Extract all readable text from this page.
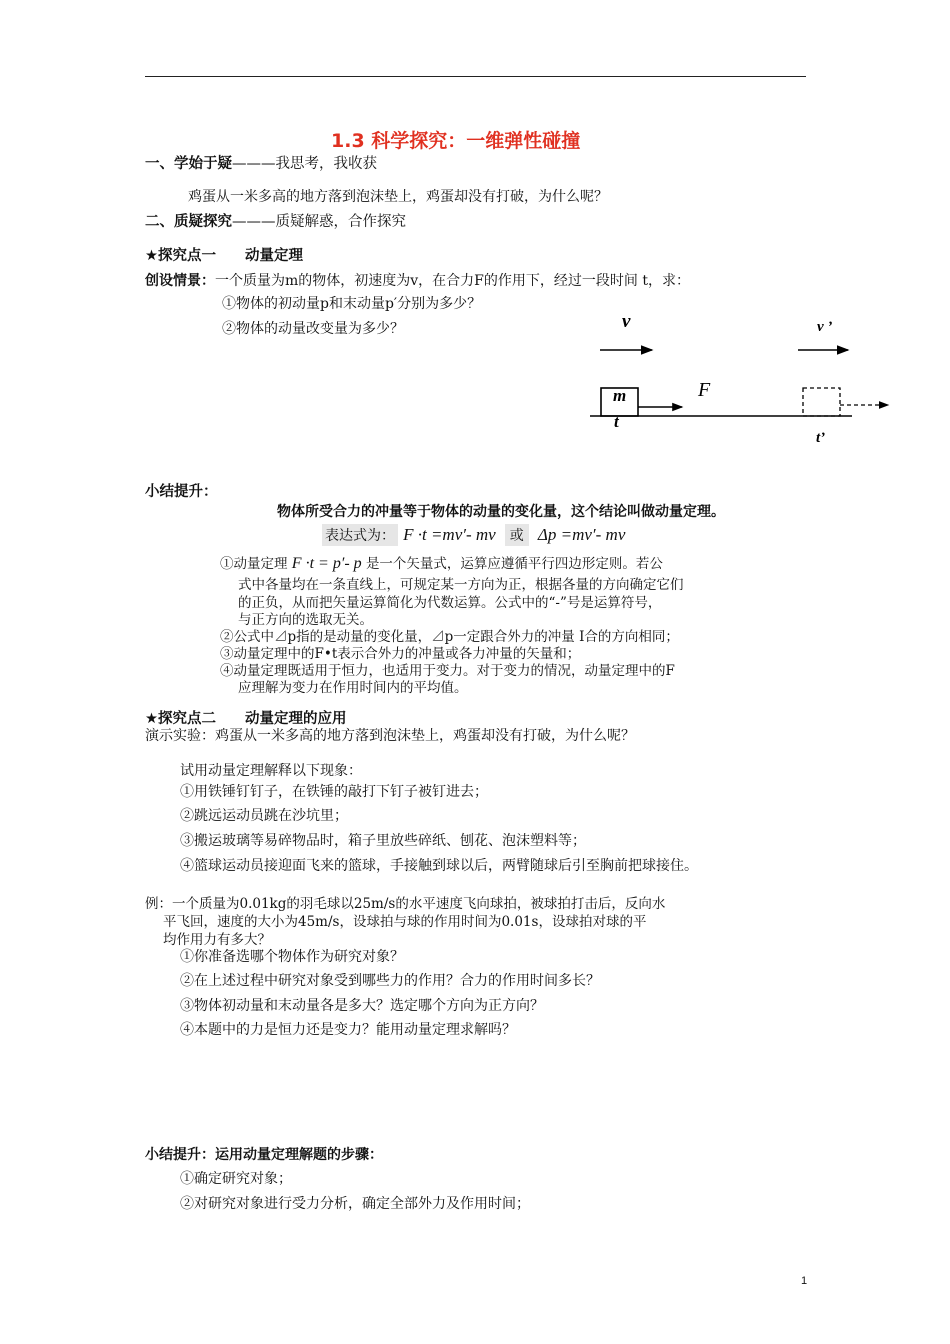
1.3 科学探究：一维弹性碰撞
一、学始于疑———我思考，我收获
鸡蛋从一米多高的地方落到泡沫垫上，鸡蛋却没有打破，为什么呢？
二、质疑探究———质疑解惑，合作探究
★探究点一　　动量定理
创设情景：一个质量为m的物体，初速度为v，在合力F的作用下，经过一段时间 t，求：
①物体的初动量p和末动量p′分别为多少？
②物体的动量改变量为多少？	v	v ’
m
t
F
t’
小结提升：
物体所受合力的冲量等于物体的动量的变化量，这个结论叫做动量定理。
表达式为： F ·t =mv′- mv 或 Δp =mv′- mv
①动量定理 F ·t = p′- p 是一个矢量式，运算应遵循平行四边形定则。若公
式中各量均在一条直线上，可规定某一方向为正，根据各量的方向确定它们
的正负，从而把矢量运算简化为代数运算。公式中的“-”号是运算符号，
与正方向的选取无关。
②公式中⊿p指的是动量的变化量，⊿p一定跟合外力的冲量 I合的方向相同；
③动量定理中的F•t表示合外力的冲量或各力冲量的矢量和；
④动量定理既适用于恒力，也适用于变力。对于变力的情况，动量定理中的F
应理解为变力在作用时间内的平均值。
★探究点二　　动量定理的应用
演示实验：鸡蛋从一米多高的地方落到泡沫垫上，鸡蛋却没有打破，为什么呢？
试用动量定理解释以下现象：
①用铁锤钉钉子，在铁锤的敲打下钉子被钉进去；
②跳远运动员跳在沙坑里；
③搬运玻璃等易碎物品时，箱子里放些碎纸、刨花、泡沫塑料等；
④篮球运动员接迎面飞来的篮球，手接触到球以后，两臂随球后引至胸前把球接住。
例：一个质量为0.01kg的羽毛球以25m/s的水平速度飞向球拍，被球拍打击后，反向水
平飞回，速度的大小为45m/s，设球拍与球的作用时间为0.01s，设球拍对球的平
均作用力有多大？
①你准备选哪个物体作为研究对象？
②在上述过程中研究对象受到哪些力的作用？合力的作用时间多长？
③物体初动量和末动量各是多大？选定哪个方向为正方向？
④本题中的力是恒力还是变力？能用动量定理求解吗？
小结提升：运用动量定理解题的步骤：
①确定研究对象；
②对研究对象进行受力分析，确定全部外力及作用时间；
1
